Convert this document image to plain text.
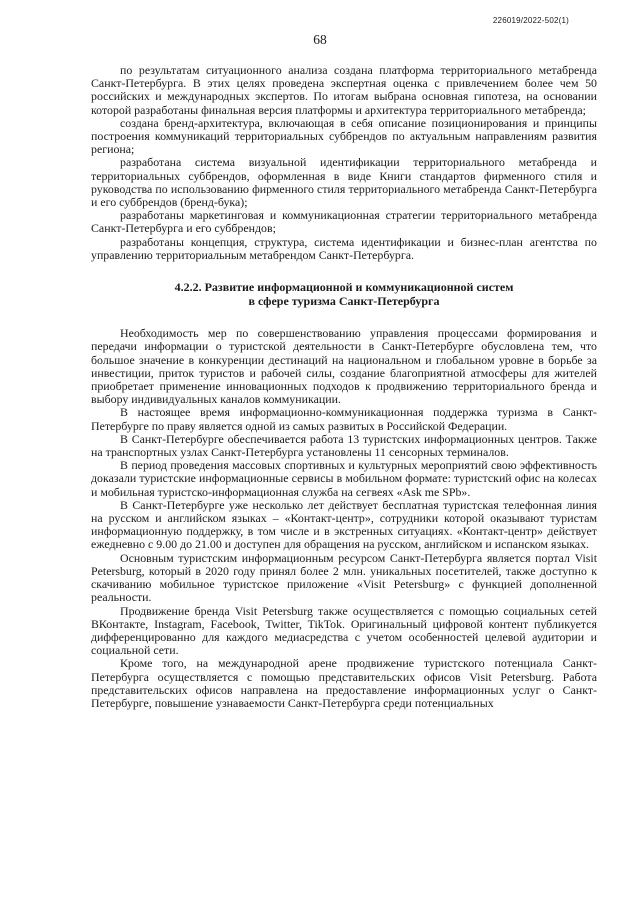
226019/2022-502(1)
68

по результатам ситуационного анализа создана платформа территориального метабренда Санкт-Петербурга. В этих целях проведена экспертная оценка с привлечением более чем 50 российских и международных экспертов. По итогам выбрана основная гипотеза, на основании которой разработаны финальная версия платформы и архитектура территориального метабренда;

создана бренд-архитектура, включающая в себя описание позиционирования и принципы построения коммуникаций территориальных суббрендов по актуальным направлениям развития региона;

разработана система визуальной идентификации территориального метабренда и территориальных суббрендов, оформленная в виде Книги стандартов фирменного стиля и руководства по использованию фирменного стиля территориального метабренда Санкт-Петербурга и его суббрендов (бренд-бука);

разработаны маркетинговая и коммуникационная стратегии территориального метабренда Санкт-Петербурга и его суббрендов;

разработаны концепция, структура, система идентификации и бизнес-план агентства по управлению территориальным метабрендом Санкт-Петербурга.

4.2.2. Развитие информационной и коммуникационной систем
в сфере туризма Санкт-Петербурга

Необходимость мер по совершенствованию управления процессами формирования и передачи информации о туристской деятельности в Санкт-Петербурге обусловлена тем, что большое значение в конкуренции дестинаций на национальном и глобальном уровне в борьбе за инвестиции, приток туристов и рабочей силы, создание благоприятной атмосферы для жителей приобретает применение инновационных подходов к продвижению территориального бренда и выбору индивидуальных каналов коммуникации.

В настоящее время информационно-коммуникационная поддержка туризма в Санкт-Петербурге по праву является одной из самых развитых в Российской Федерации.

В Санкт-Петербурге обеспечивается работа 13 туристских информационных центров. Также на транспортных узлах Санкт-Петербурга установлены 11 сенсорных терминалов.

В период проведения массовых спортивных и культурных мероприятий свою эффективность доказали туристские информационные сервисы в мобильном формате: туристский офис на колесах и мобильная туристско-информационная служба на сегвеях «Ask me SPb».

В Санкт-Петербурге уже несколько лет действует бесплатная туристская телефонная линия на русском и английском языках – «Контакт-центр», сотрудники которой оказывают туристам информационную поддержку, в том числе и в экстренных ситуациях. «Контакт-центр» действует ежедневно с 9.00 до 21.00 и доступен для обращения на русском, английском и испанском языках.

Основным туристским информационным ресурсом Санкт-Петербурга является портал Visit Petersburg, который в 2020 году принял более 2 млн. уникальных посетителей, также доступно к скачиванию мобильное туристское приложение «Visit Petersburg» с функцией дополненной реальности.

Продвижение бренда Visit Petersburg также осуществляется с помощью социальных сетей ВКонтакте, Instagram, Facebook, Twitter, TikTok. Оригинальный цифровой контент публикуется дифференцированно для каждого медиасредства с учетом особенностей целевой аудитории и социальной сети.

Кроме того, на международной арене продвижение туристского потенциала Санкт-Петербурга осуществляется с помощью представительских офисов Visit Petersburg. Работа представительских офисов направлена на предоставление информационных услуг о Санкт-Петербурге, повышение узнаваемости Санкт-Петербурга среди потенциальных
